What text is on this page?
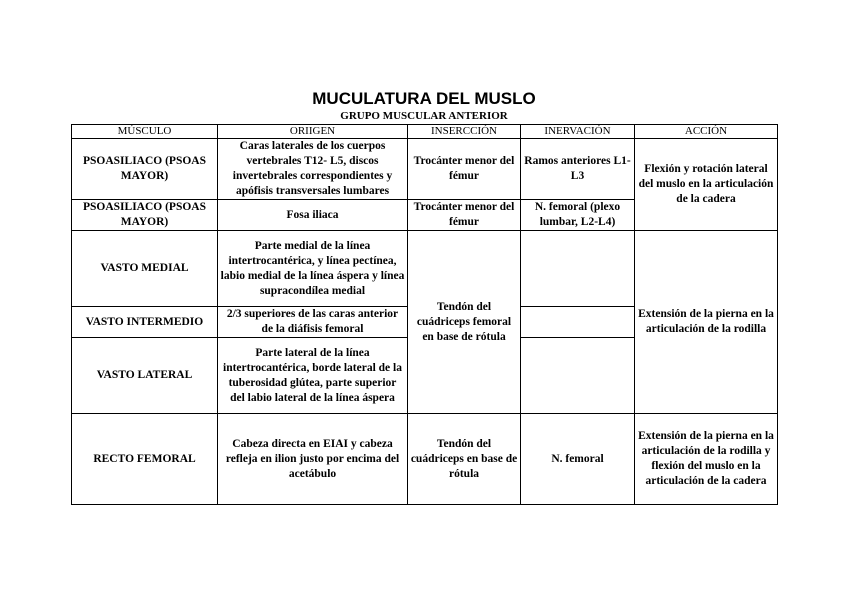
MUCULATURA DEL MUSLO
GRUPO MUSCULAR ANTERIOR
MÚSCULO	ORIIGEN	INSERCCIÓN	INERVACIÓN	ACCIÓN
PSOASILIACO (PSOAS MAYOR)	Caras laterales de los cuerpos vertebrales T12- L5, discos invertebrales correspondientes y apófisis transversales lumbares	Trocánter menor del fémur	Ramos anteriores L1-L3	Flexión y rotación lateral del muslo en la articulación de la cadera
PSOASILIACO (PSOAS MAYOR)	Fosa iliaca	Trocánter menor del fémur	N. femoral (plexo lumbar, L2-L4)	
VASTO MEDIAL	Parte medial de la línea intertrocantérica, y línea pectínea, labio medial de la línea áspera y línea supracondílea medial	Tendón del cuádriceps femoral en base de rótula		Extensión de la pierna en la articulación de la rodilla
VASTO INTERMEDIO	2/3 superiores de las caras anterior de la diáfisis femoral			
VASTO LATERAL	Parte lateral de la línea intertrocantérica, borde lateral de la tuberosidad glútea, parte superior del labio lateral de la línea áspera			
RECTO FEMORAL	Cabeza directa en EIAI y cabeza refleja en ilion justo por encima del acetábulo	Tendón del cuádriceps en base de rótula	N. femoral	Extensión de la pierna en la articulación de la rodilla y flexión del muslo en la articulación de la cadera
